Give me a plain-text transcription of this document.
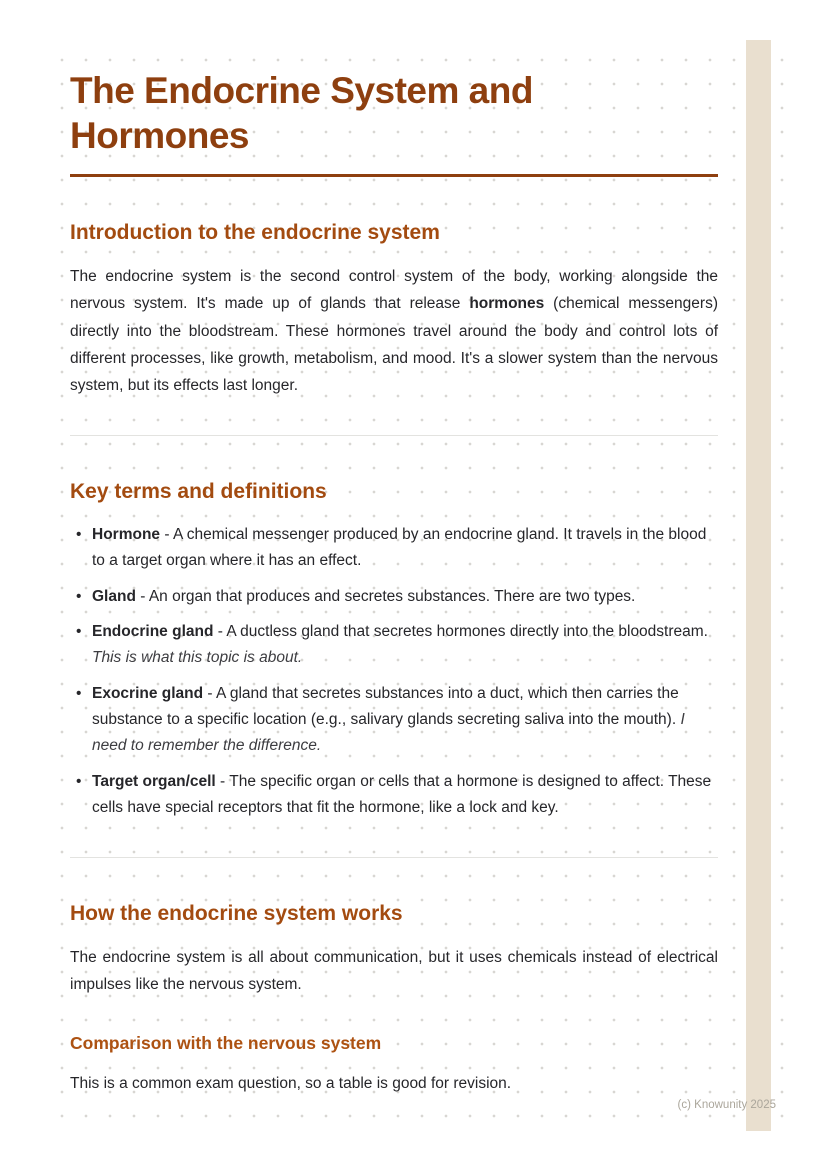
The Endocrine System and Hormones
Introduction to the endocrine system

The endocrine system is the second control system of the body, working alongside the nervous system. It's made up of glands that release hormones (chemical messengers) directly into the bloodstream. These hormones travel around the body and control lots of different processes, like growth, metabolism, and mood. It's a slower system than the nervous system, but its effects last longer.

Key terms and definitions
• Hormone - A chemical messenger produced by an endocrine gland. It travels in the blood to a target organ where it has an effect.
• Gland - An organ that produces and secretes substances. There are two types.
• Endocrine gland - A ductless gland that secretes hormones directly into the bloodstream. This is what this topic is about.
• Exocrine gland - A gland that secretes substances into a duct, which then carries the substance to a specific location (e.g., salivary glands secreting saliva into the mouth). I need to remember the difference.
• Target organ/cell - The specific organ or cells that a hormone is designed to affect. These cells have special receptors that fit the hormone, like a lock and key.
How the endocrine system works

The endocrine system is all about communication, but it uses chemicals instead of electrical impulses like the nervous system.

Comparison with the nervous system

This is a common exam question, so a table is good for revision.

(c) Knowunity 2025
